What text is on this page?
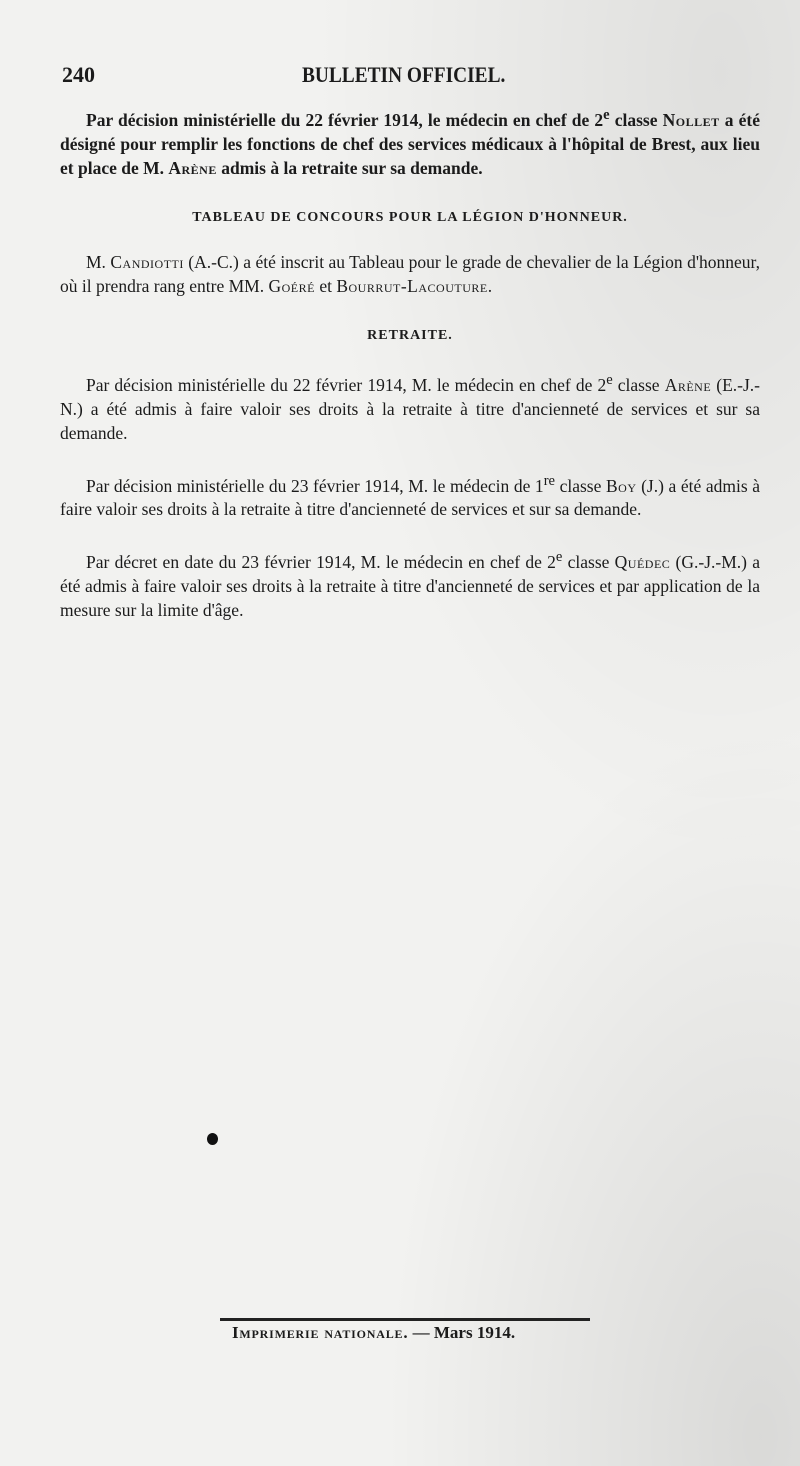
240	BULLETIN OFFICIEL.

Par décision ministérielle du 22 février 1914, le médecin en chef de 2e classe Nollet a été désigné pour remplir les fonctions de chef des services médicaux à l'hôpital de Brest, aux lieu et place de M. Arène admis à la retraite sur sa demande.

TABLEAU DE CONCOURS POUR LA LÉGION D'HONNEUR.

M. Candiotti (A.-C.) a été inscrit au Tableau pour le grade de chevalier de la Légion d'honneur, où il prendra rang entre MM. Goéré et Bourrut-Lacouture.

RETRAITE.

Par décision ministérielle du 22 février 1914, M. le médecin en chef de 2e classe Arène (E.-J.-N.) a été admis à faire valoir ses droits à la retraite à titre d'ancienneté de services et sur sa demande.

Par décision ministérielle du 23 février 1914, M. le médecin de 1re classe Boy (J.) a été admis à faire valoir ses droits à la retraite à titre d'ancienneté de services et sur sa demande.

Par décret en date du 23 février 1914, M. le médecin en chef de 2e classe Quédec (G.-J.-M.) a été admis à faire valoir ses droits à la retraite à titre d'ancienneté de services et par application de la mesure sur la limite d'âge.

Imprimerie nationale. — Mars 1914.
